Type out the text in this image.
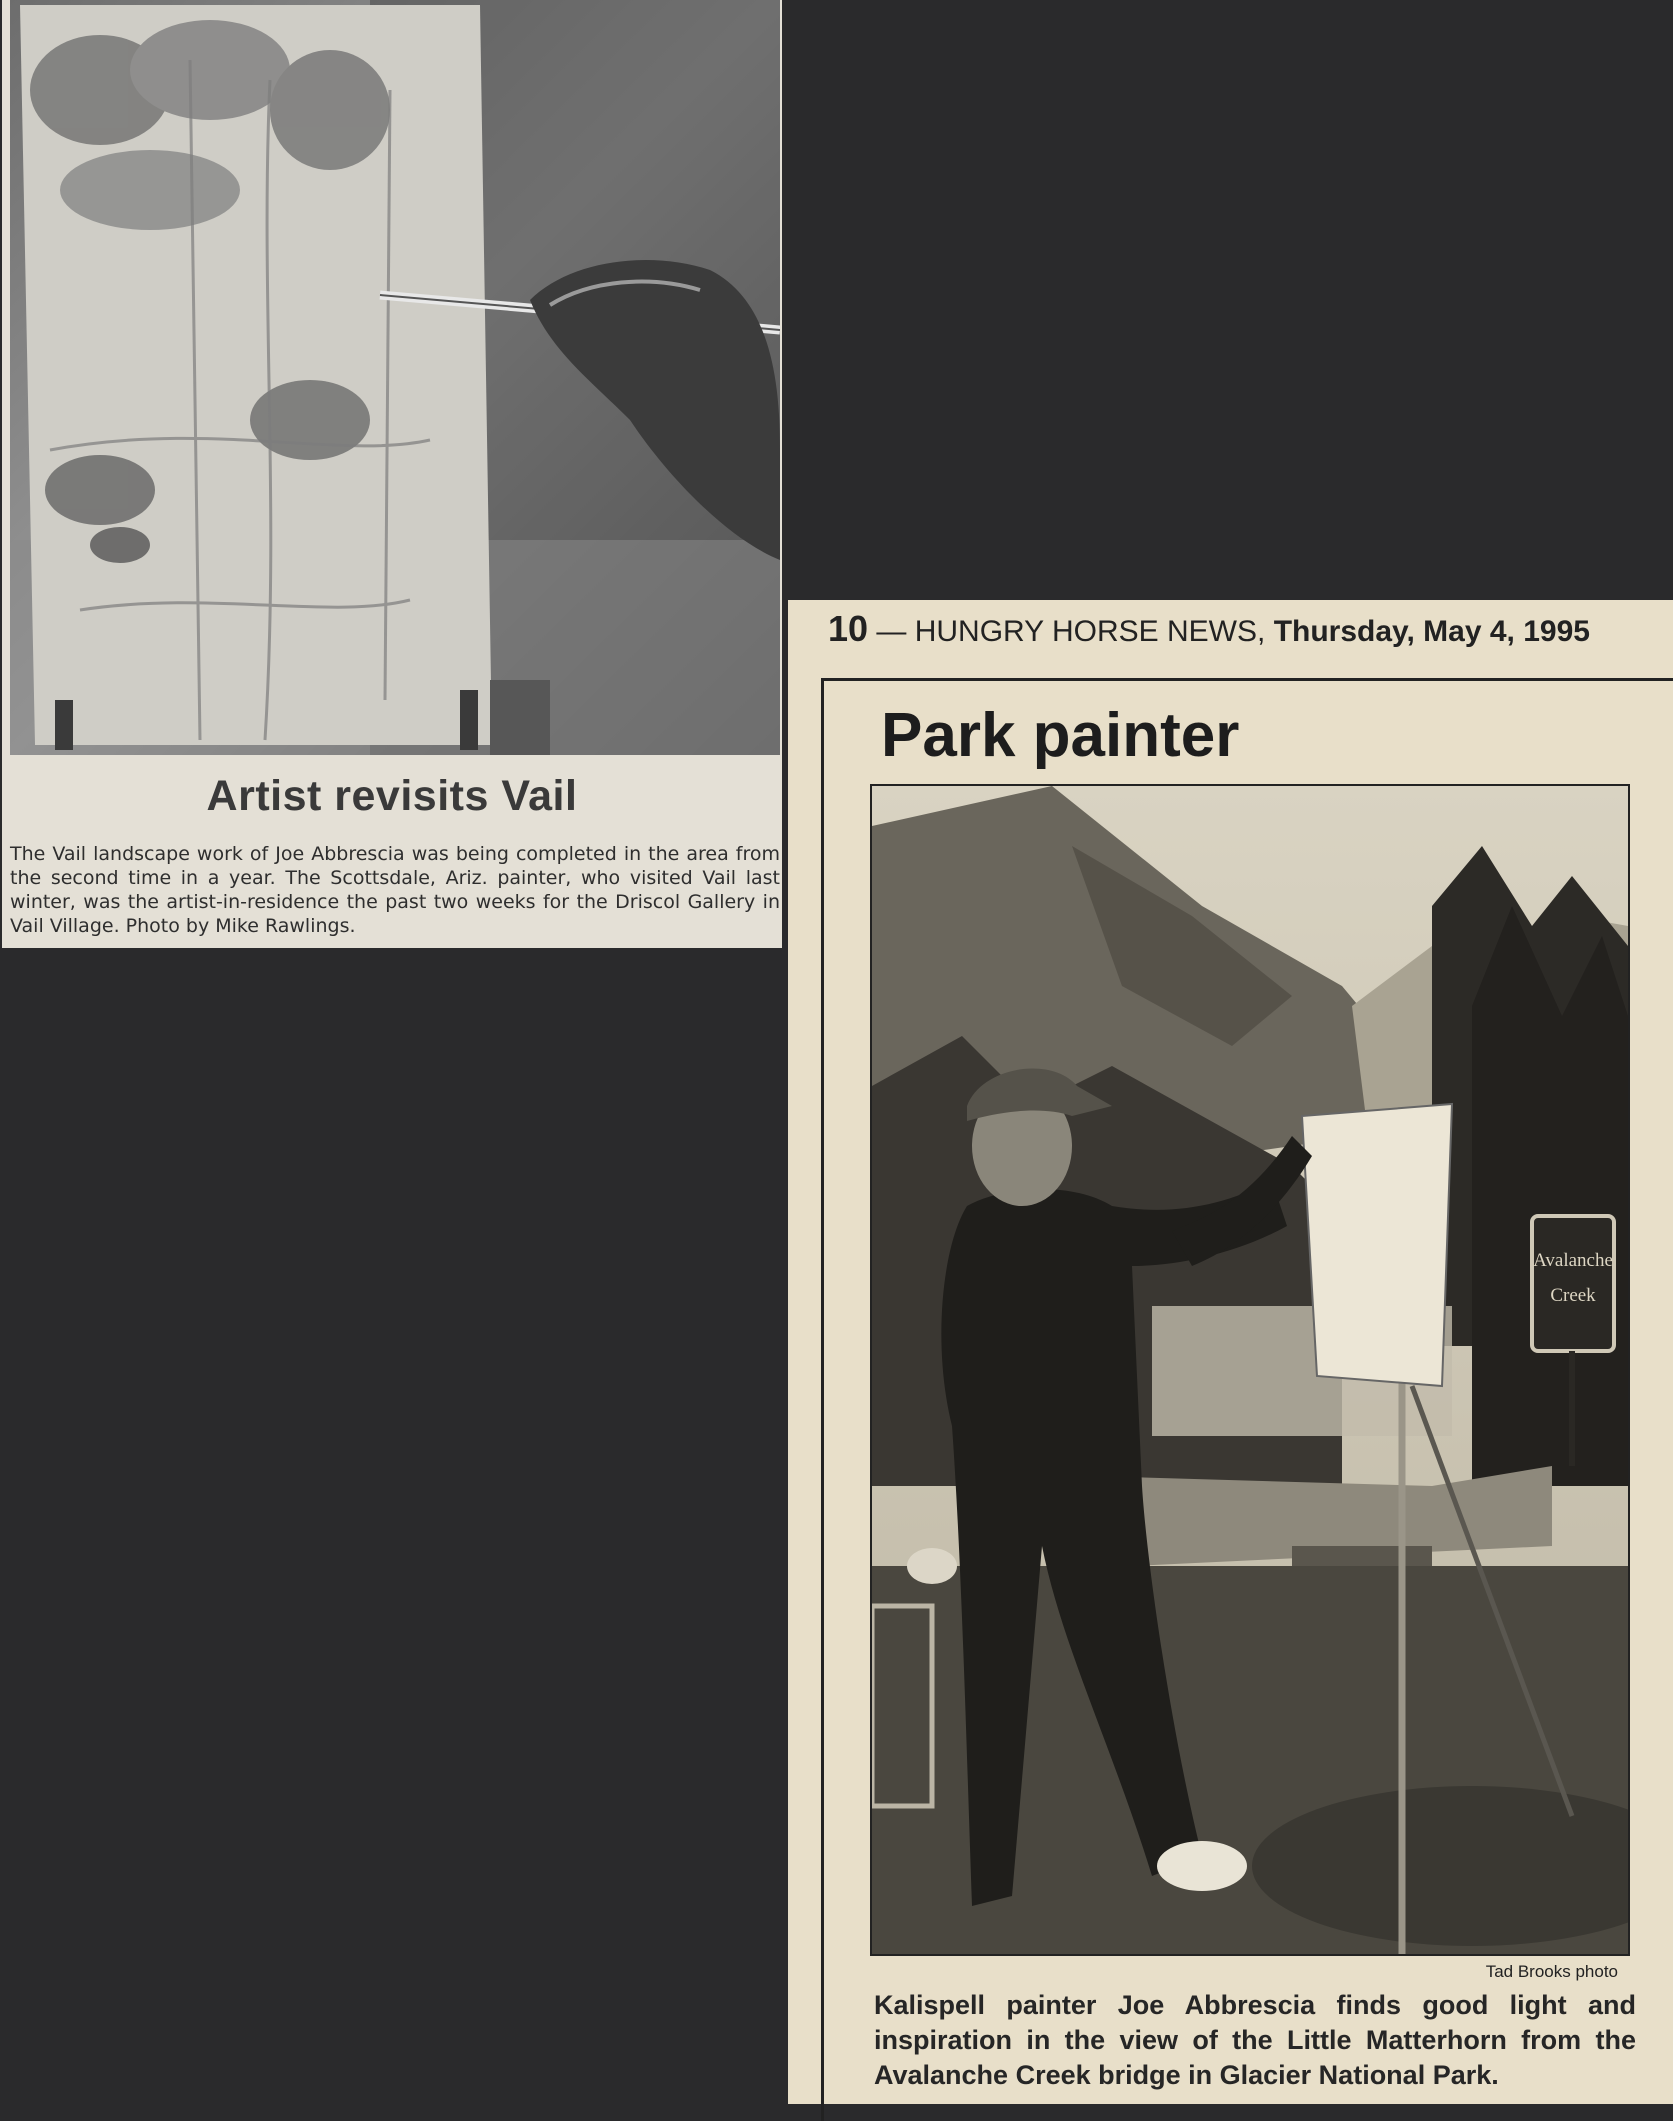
Artist revisits Vail
The Vail landscape work of Joe Abbrescia was being completed in the area from the second time in a year. The Scottsdale, Ariz. painter, who visited Vail last winter, was the artist-in-residence the past two weeks for the Driscol Gallery in Vail Village. Photo by Mike Rawlings.
10 — HUNGRY HORSE NEWS, Thursday, May 4, 1995
Park painter
Avalanche
Creek
Tad Brooks photo
Kalispell painter Joe Abbrescia finds good light and inspiration in the view of the Little Matterhorn from the Avalanche Creek bridge in Glacier National Park.
